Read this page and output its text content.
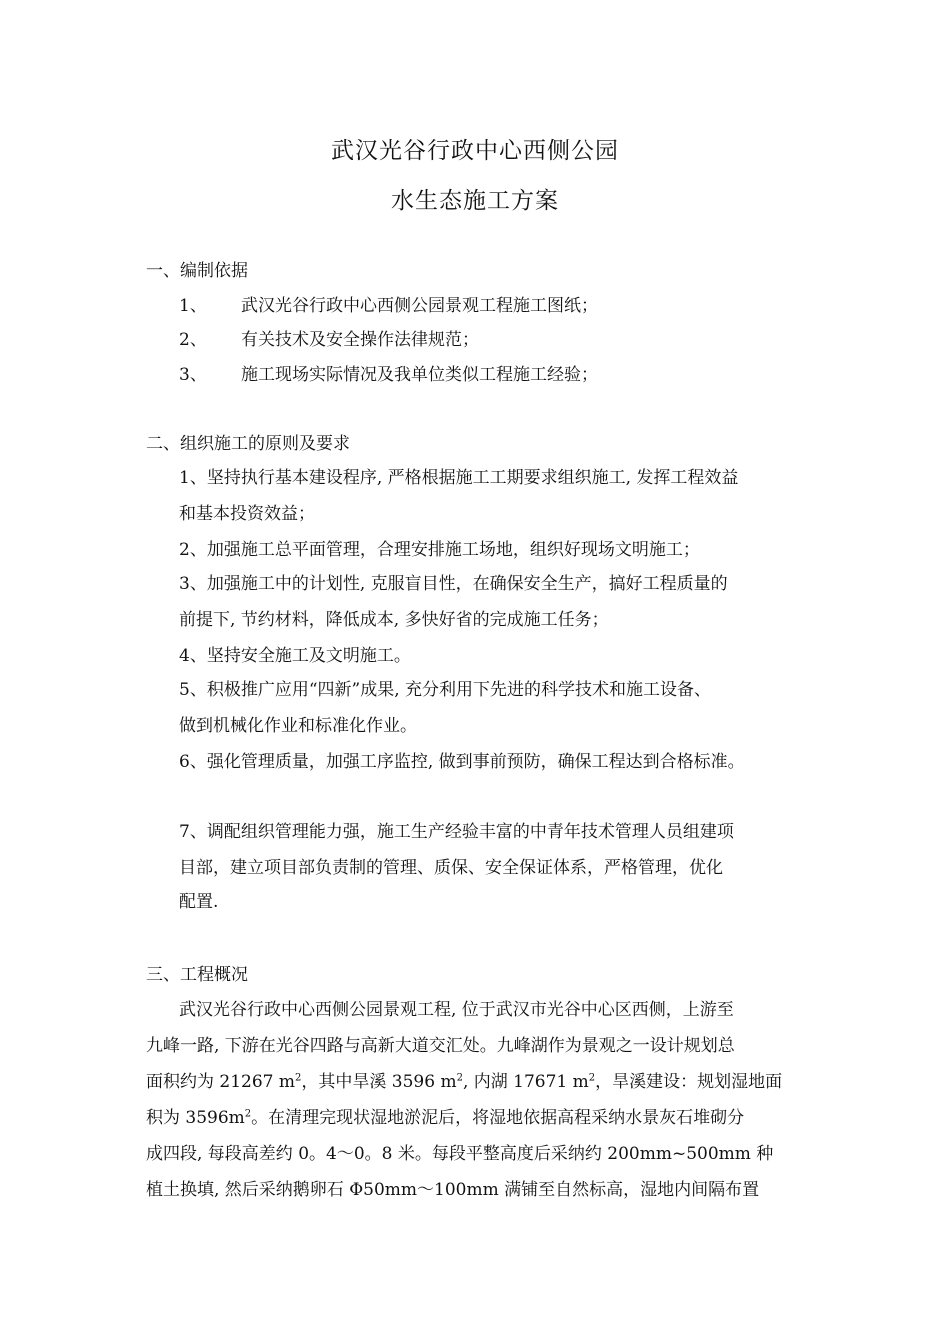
武汉光谷行政中心西侧公园
水生态施工方案
一、编制依据
1、 武汉光谷行政中心西侧公园景观工程施工图纸；
2、 有关技术及安全操作法律规范；
3、 施工现场实际情况及我单位类似工程施工经验；
二、组织施工的原则及要求
1、坚持执行基本建设程序, 严格根据施工工期要求组织施工, 发挥工程效益
和基本投资效益；
2、加强施工总平面管理，合理安排施工场地，组织好现场文明施工；
3、加强施工中的计划性, 克服盲目性，在确保安全生产，搞好工程质量的
前提下, 节约材料，降低成本, 多快好省的完成施工任务；
4、坚持安全施工及文明施工。
5、积极推广应用“四新”成果, 充分利用下先进的科学技术和施工设备、
做到机械化作业和标准化作业。
6、强化管理质量，加强工序监控, 做到事前预防，确保工程达到合格标准。
7、调配组织管理能力强，施工生产经验丰富的中青年技术管理人员组建项
目部，建立项目部负责制的管理、质保、安全保证体系，严格管理，优化
配置.
三、工程概况
武汉光谷行政中心西侧公园景观工程, 位于武汉市光谷中心区西侧，上游至
九峰一路, 下游在光谷四路与高新大道交汇处。九峰湖作为景观之一设计规划总
面积约为 21267 $m^2$，其中旱溪 3596 $m^2$, 内湖 17671 $m^2$，旱溪建设：规划湿地面
积为 $3596m^2$。在清理完现状湿地淤泥后，将湿地依据高程采纳水景灰石堆砌分
成四段, 每段高差约 0。4～0。8 米。每段平整高度后采纳约 200mm~500mm 种
植土换填, 然后采纳鹅卵石 Φ50mm～100mm 满铺至自然标高，湿地内间隔布置
